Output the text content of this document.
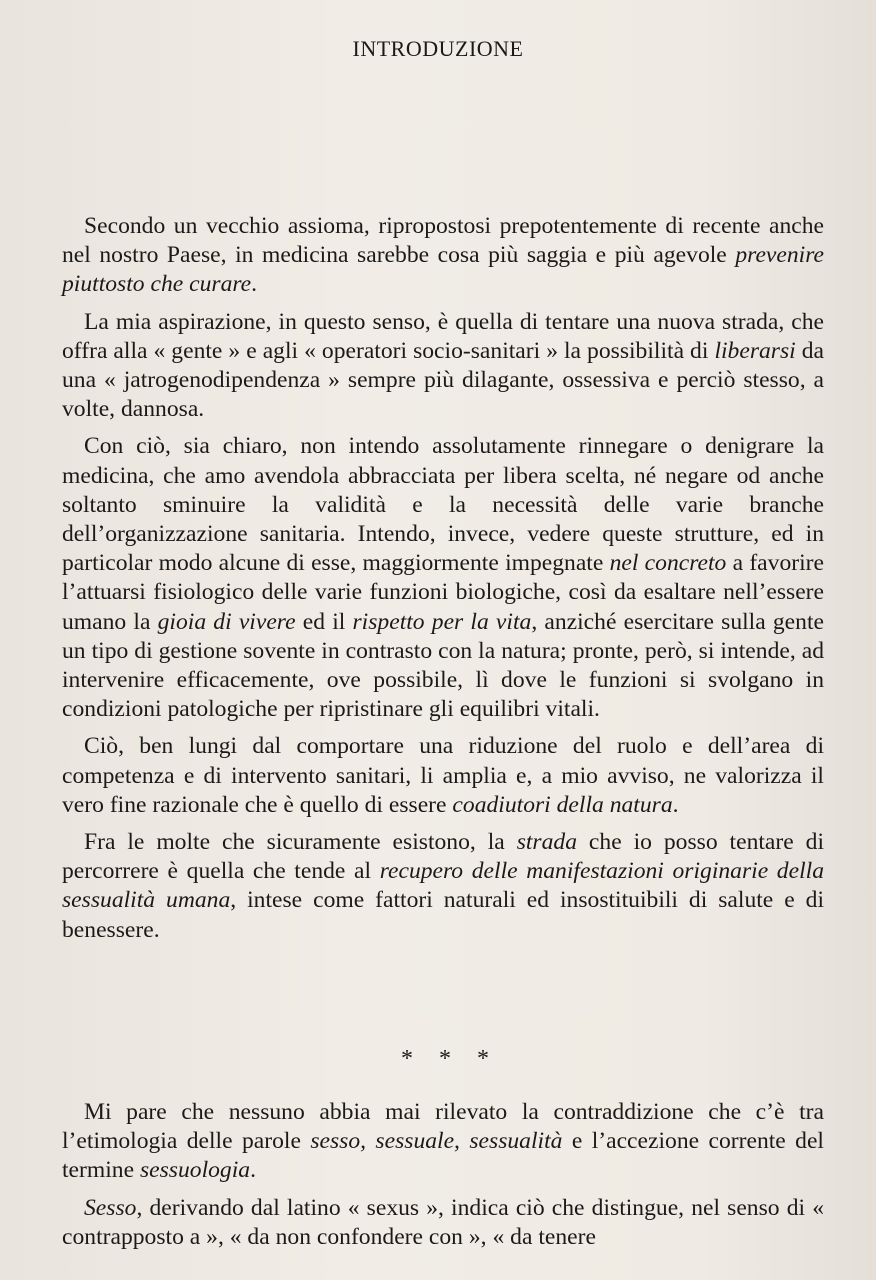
INTRODUZIONE

Secondo un vecchio assioma, ripropostosi prepotentemente di recente anche nel nostro Paese, in medicina sarebbe cosa più saggia e più agevole prevenire piuttosto che curare.

La mia aspirazione, in questo senso, è quella di tentare una nuova strada, che offra alla « gente » e agli « operatori socio-sanitari » la possibilità di liberarsi da una « jatrogenodipendenza » sempre più dilagante, ossessiva e perciò stesso, a volte, dannosa.

Con ciò, sia chiaro, non intendo assolutamente rinnegare o denigrare la medicina, che amo avendola abbracciata per libera scelta, né negare od anche soltanto sminuire la validità e la necessità delle varie branche dell’organizzazione sanitaria. Intendo, invece, vedere queste strutture, ed in particolar modo alcune di esse, maggiormente impegnate nel concreto a favorire l’attuarsi fisiologico delle varie funzioni biologiche, così da esaltare nell’essere umano la gioia di vivere ed il rispetto per la vita, anziché esercitare sulla gente un tipo di gestione sovente in contrasto con la natura; pronte, però, si intende, ad intervenire efficacemente, ove possibile, lì dove le funzioni si svolgano in condizioni patologiche per ripristinare gli equilibri vitali.

Ciò, ben lungi dal comportare una riduzione del ruolo e dell’area di competenza e di intervento sanitari, li amplia e, a mio avviso, ne valorizza il vero fine razionale che è quello di essere coadiutori della natura.

Fra le molte che sicuramente esistono, la strada che io posso tentare di percorrere è quella che tende al recupero delle manifestazioni originarie della sessualità umana, intese come fattori naturali ed insostituibili di salute e di benessere.

* * *

Mi pare che nessuno abbia mai rilevato la contraddizione che c’è tra l’etimologia delle parole sesso, sessuale, sessualità e l’accezione corrente del termine sessuologia.

Sesso, derivando dal latino « sexus », indica ciò che distingue, nel senso di « contrapposto a », « da non confondere con », « da tenere
